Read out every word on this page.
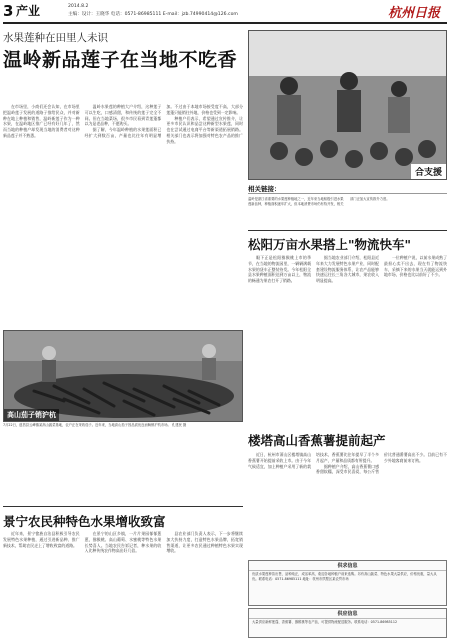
3 产业	2014.8.2
主编：设计：王晓华 电话：0571-86985111 E-mail：jzb.74990414@126.com	杭州日报
水果莲种在田里人未识
温岭新品莲子在当地不吃香

在市场里，小商们还会认知，在市场里把温岭莲子发展的道路子推给民众，并对新种在地上种植和销售，温岭新莲子作为一种水果，在温岭地区推广已经有好几年了，然而当地的种植户却发现当地的消费者对这种新品莲子并不熟悉。

温岭水果莲的种植大户介绍，这种莲子可以生吃，口感清甜，和传统的莲子完全不同。但在当地菜场，很多市民看到青莲蓬都以为是老品种，不愿购买。

据了解，今年温岭种植的水果莲面积已经扩大到数百亩，产量也比往年有明显增加。不过由于本地市场接受度不高，大部分莲蓬只能销往外地，价格也受到一定影响。

种植户们表示，希望通过宣传推介，让更多市民认识和品尝这种新型水果莲，同时也在尝试通过电商平台等新渠道拓展销路。相关部门也表示将加强对特色农产品的推广扶持。

高山茄子销沪杭
7月22日，遂昌县云峰镇某高山蔬菜基地，农户正在采收茄子。近年来，当地高山茄子因品质优良而畅销沪杭市场。 孔建民 摄
合支援
相关链接：
温岭是浙江省重要的水果莲种植地之一，近年来当地积极引进水果莲新品种，种植面积逐年扩大，但本地消费市场仍有待开发，相关部门正加大宣传推介力度。
松阳万亩水果搭上"物流快车"

眼下正是松阳猕猴桃上市的季节，在当地的物流园里，一辆辆满载水果的货车正整装待发。今年松阳全县水果种植面积达到万亩以上，物流的畅通为果农打开了销路。

据当地农业部门介绍，松阳县近年来大力发展特色水果产业，同时配套建设物流服务体系，让农产品能够快速运往长三角各大城市，果农收入明显提高。

一位种植户说，以前水果成熟了最担心卖不出去，现在有了物流快车，采摘下来的水果当天就能运到外地市场，价格也比以前好了不少。

楼塔高山香蕉薯提前起产

近日，杭州市萧山区楼塔镇高山香蕉薯开始提前采收上市。由于今年气候适宜，加上种植户采用了新的栽培技术，香蕉薯比往年提早了半个多月起产，产量和品质都有所提升。

据种植户介绍，高山香蕉薯口感香甜软糯，深受市民喜爱，每公斤售价比普通番薯高出不少。目前已有不少外地客商前来订购。

景宁农民种特色水果增收致富

近年来，景宁畲族自治县积极引导农民发展特色水果种植，通过引进新品种、推广新技术，帮助农民走上了增收致富的道路。

在景宁的山区乡镇，一片片果园郁郁葱葱，猕猴桃、高山葡萄、水蜜桃等特色水果长势喜人。当地农民告诉记者，种水果的收入比种传统农作物高出好几倍。

县农业部门负责人表示，下一步将继续加大扶持力度，打造特色水果品牌，拓宽销售渠道，让更多农民通过种植特色水果实现增收。

供求信息
优质水果莲种苗出售，品种纯正，成活率高，欢迎各地种植户前来选购。另有高山蔬菜、特色水果大量供应，价格优惠，量大从优。联系电话：0571-86985111 地址：杭州市拱墅区某农贸市场
供应信息
大量供应新鲜莲蓬、香蕉薯、猕猴桃等农产品，可提供物流配送服务。联系电话：0571-86985112
